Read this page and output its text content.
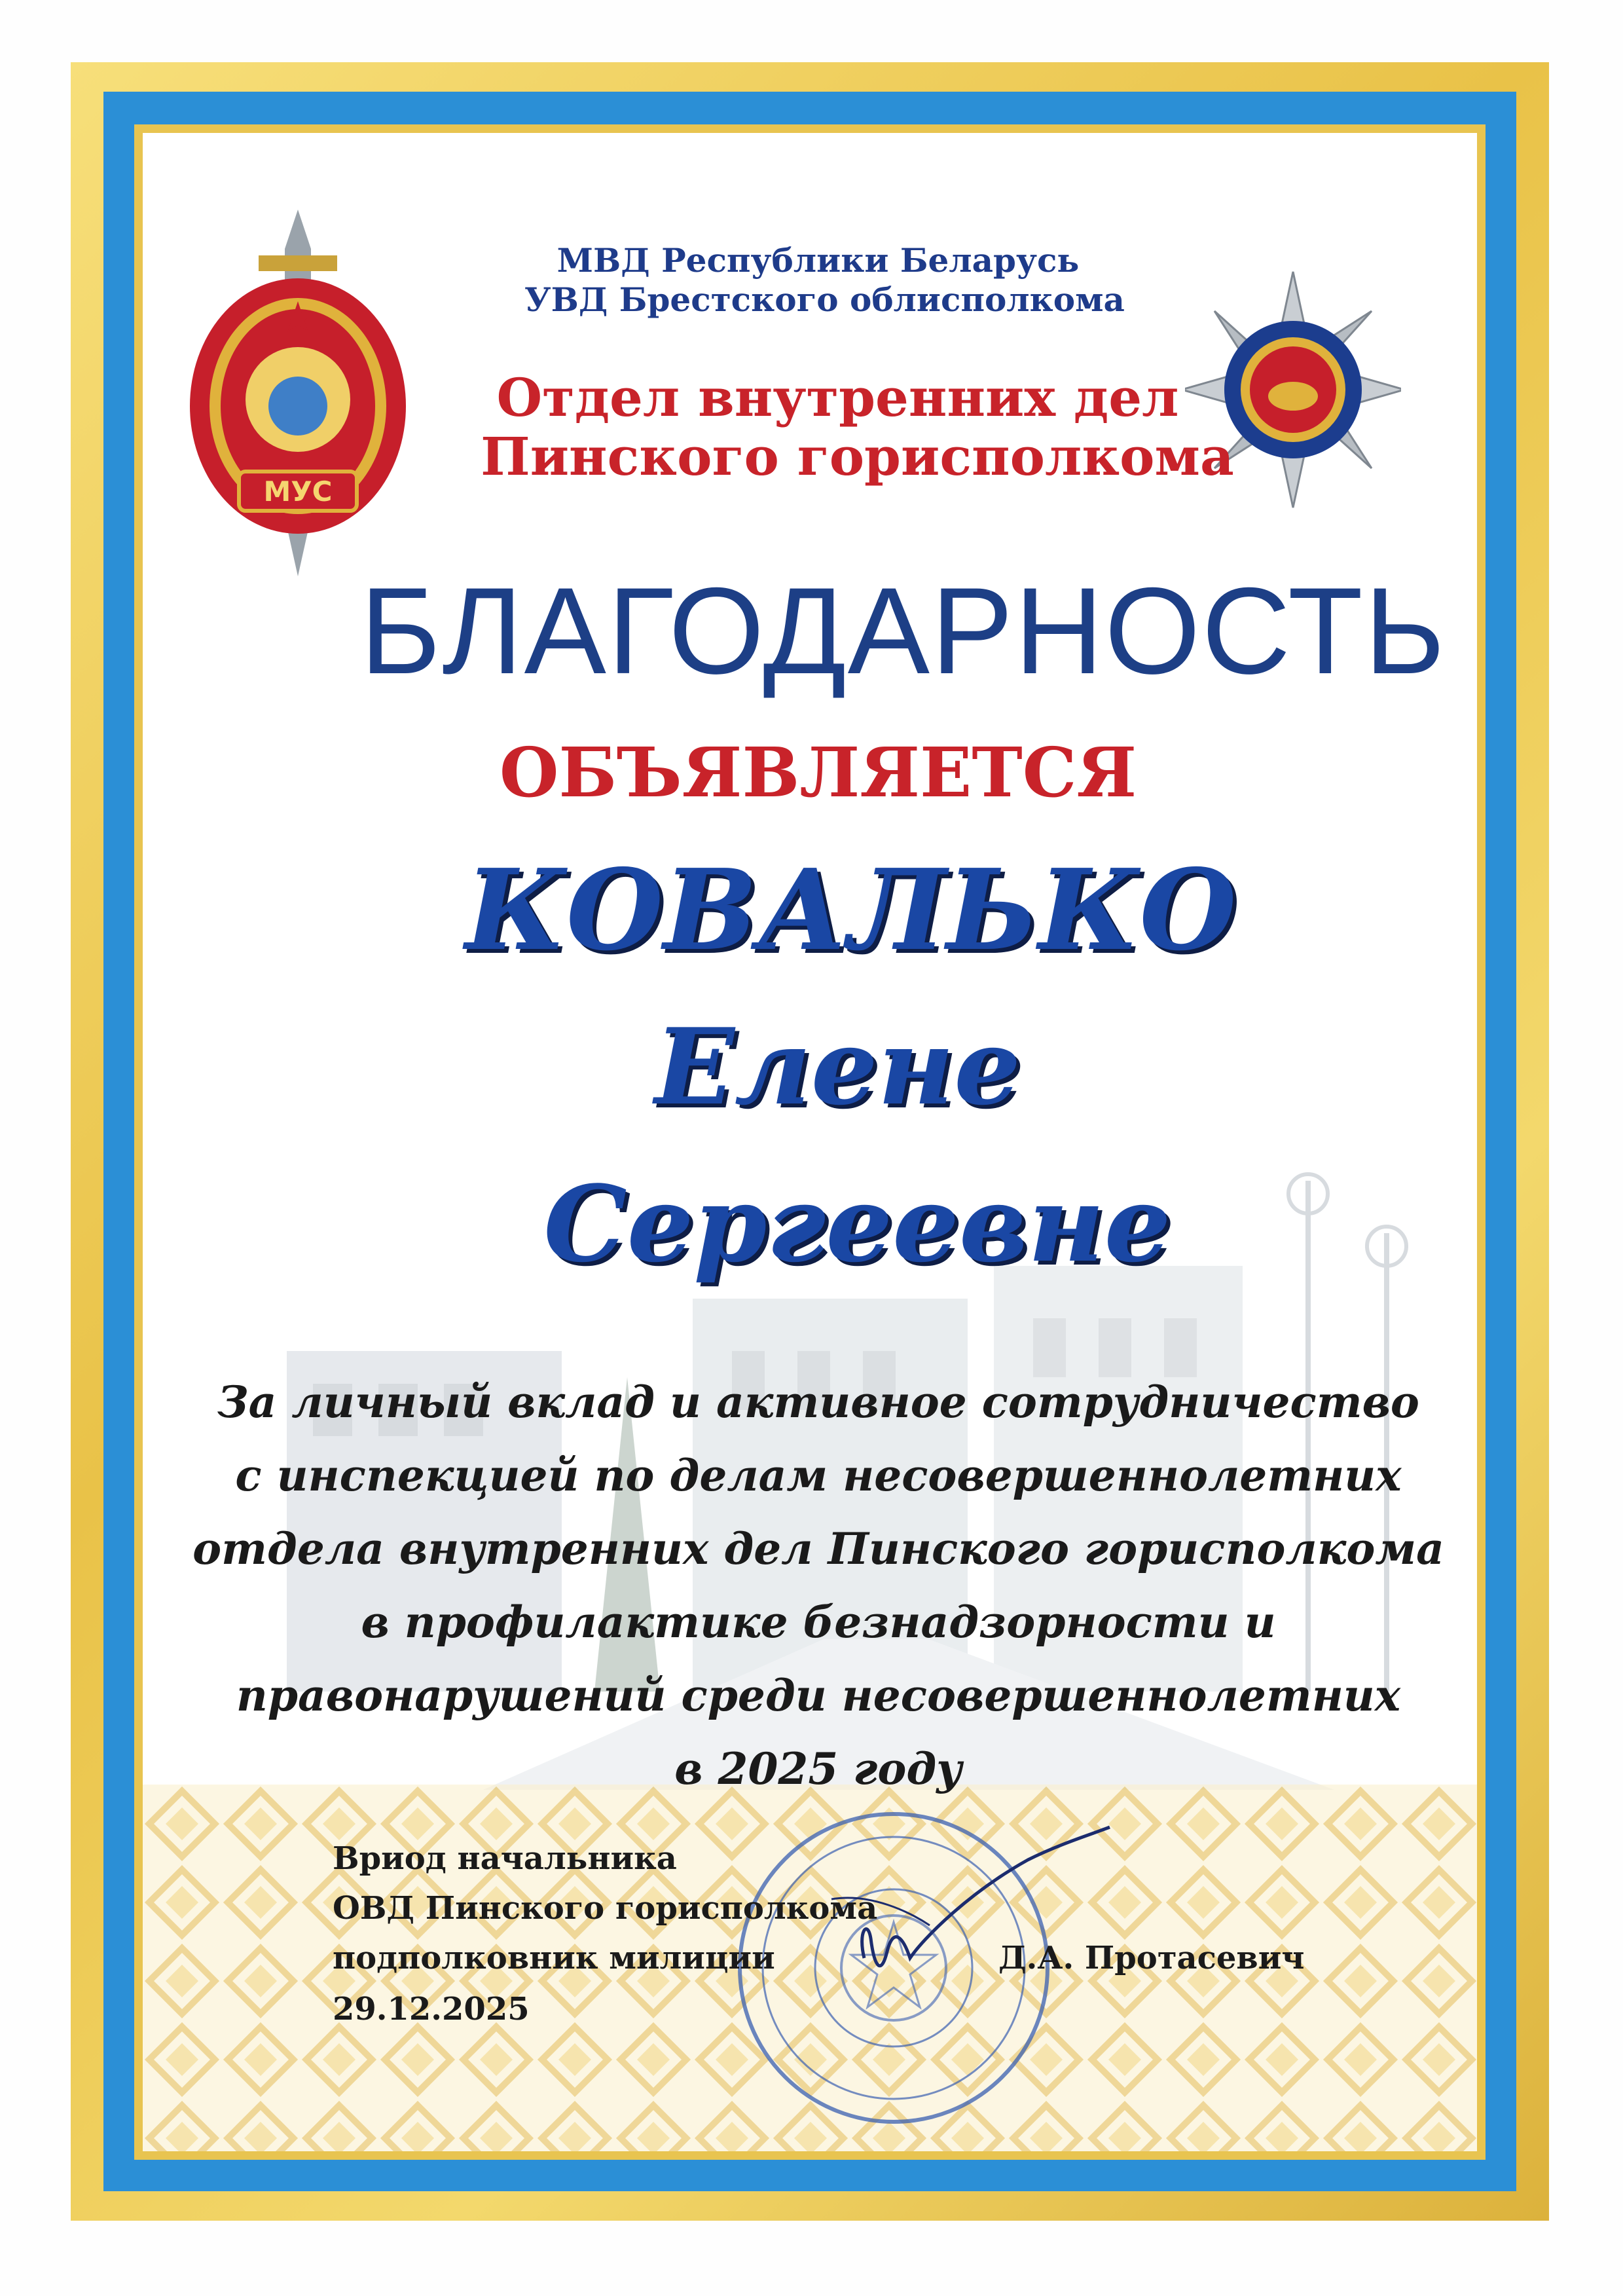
МУС
МВД Республики Беларусь
УВД Брестского облисполкома
Отдел внутренних дел
Пинского горисполкома
БЛАГОДАРНОСТЬ
ОБЪЯВЛЯЕТСЯ
КОВАЛЬКО
Елене
Сергеевне
За личный вклад и активное сотрудничество
с инспекцией по делам несовершеннолетних
отдела внутренних дел Пинского горисполкома
в профилактике безнадзорности и
правонарушений среди несовершеннолетних
в 2025 году
Вриод начальника
ОВД Пинского горисполкома
подполковник милиции
29.12.2025
Д.А. Протасевич
